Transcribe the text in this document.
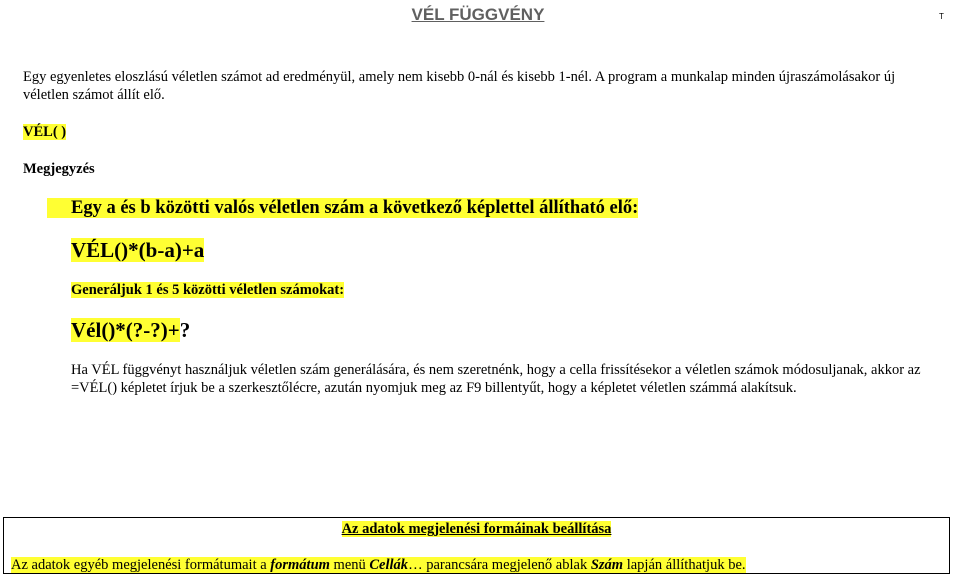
VÉL FÜGGVÉNY	T
Egy egyenletes eloszlású véletlen számot ad eredményül, amely nem kisebb 0-nál és kisebb 1-nél. A program a munkalap minden újraszámolásakor új véletlen számot állít elő.
VÉL( )
Megjegyzés
Egy a és b közötti valós véletlen szám a következő képlettel állítható elő:
VÉL()*(b-a)+a
Generáljuk 1 és 5 közötti véletlen számokat:
Vél()*(?-?)+?
Ha VÉL függvényt használjuk véletlen szám generálására, és nem szeretnénk, hogy a cella frissítésekor a véletlen számok módosuljanak, akkor az =VÉL() képletet írjuk be a szerkesztőlécre, azután nyomjuk meg az F9 billentyűt, hogy a képletet véletlen számmá alakítsuk.
Az adatok megjelenési formáinak beállítása
Az adatok egyéb megjelenési formátumait a formátum menü Cellák… parancsára megjelenő ablak Szám lapján állíthatjuk be.
